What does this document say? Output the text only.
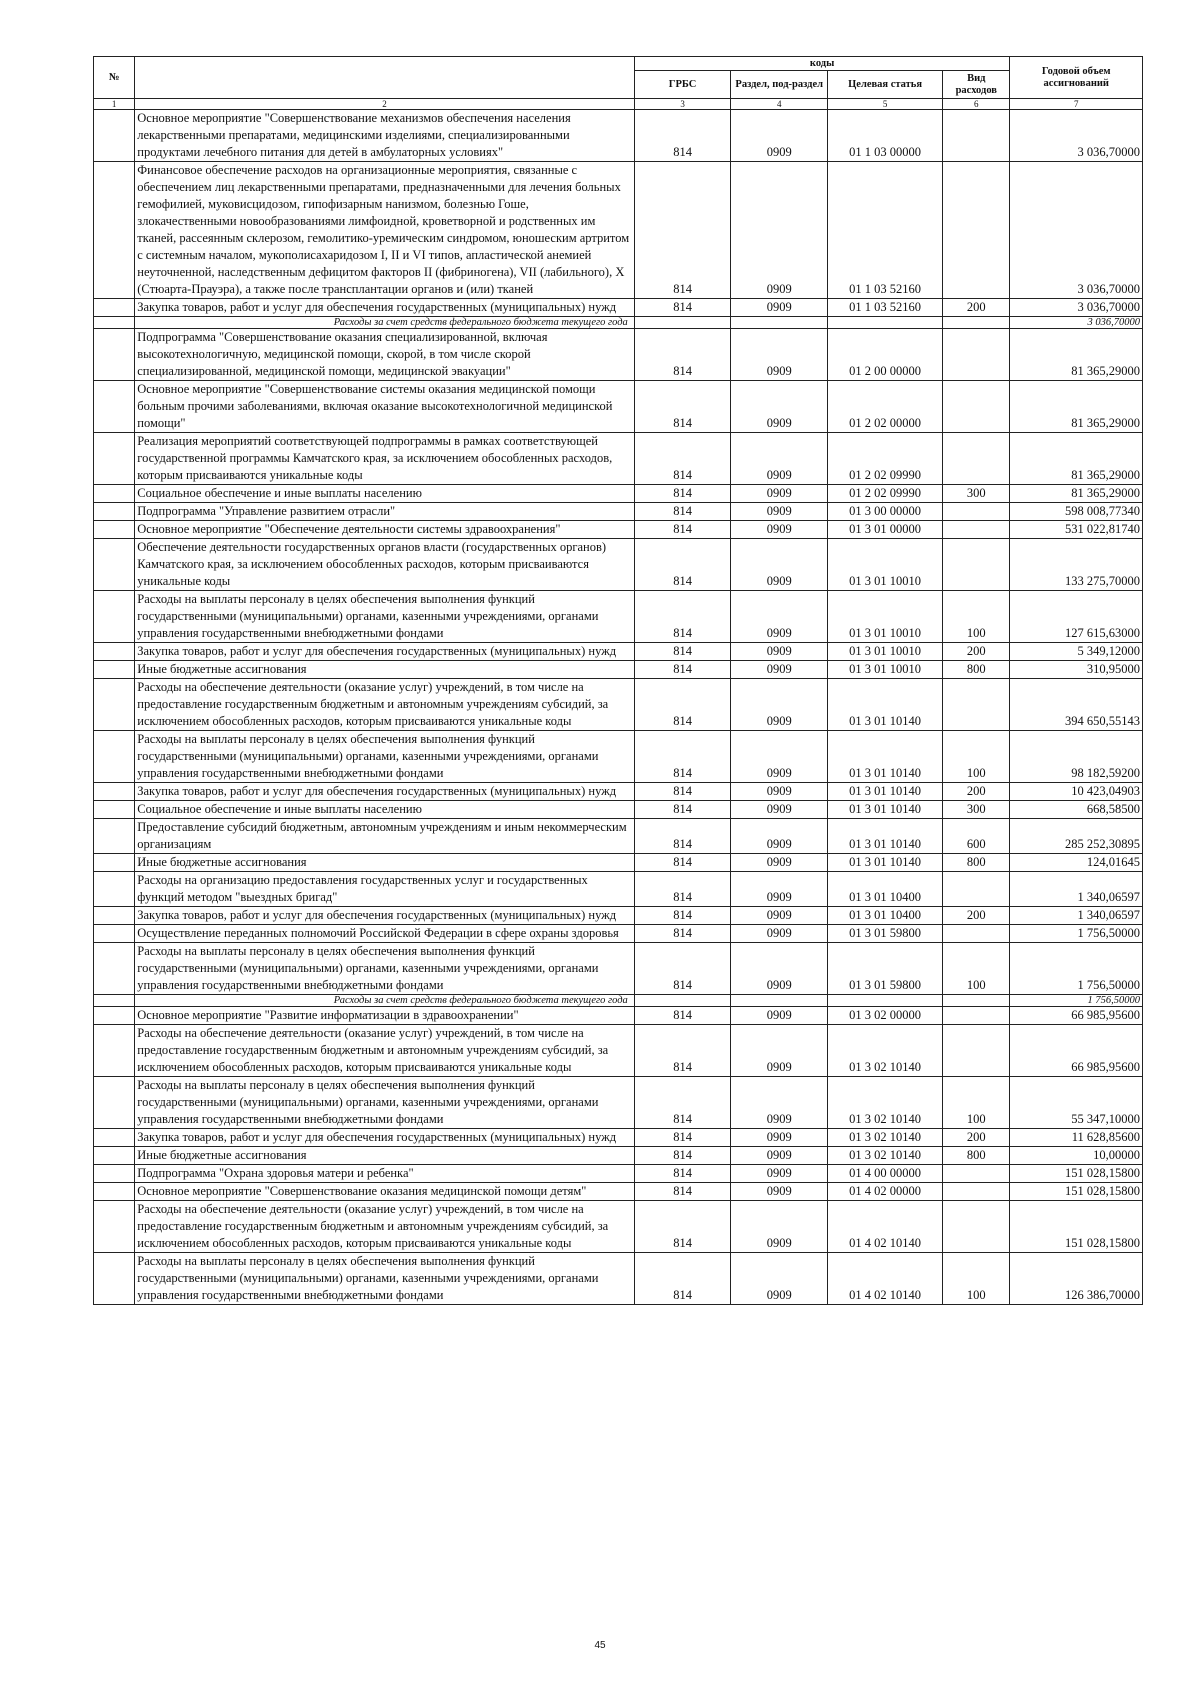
№		коды				Годовой объем ассигнований
		ГРБС	Раздел, под-раздел	Целевая статья	Вид расходов	
1	2	3	4	5	6	7
	Основное мероприятие "Совершенствование механизмов обеспечения населения лекарственными препаратами, медицинскими изделиями, специализированными продуктами лечебного питания для детей в амбулаторных условиях"	814	0909	01 1 03 00000		3 036,70000
	Финансовое обеспечение расходов на организационные мероприятия, связанные с обеспечением лиц лекарственными препаратами, предназначенными для лечения больных гемофилией, муковисцидозом, гипофизарным нанизмом, болезнью Гоше, злокачественными новообразованиями лимфоидной, кроветворной и родственных им тканей, рассеянным склерозом, гемолитико-уремическим синдромом, юношеским артритом с системным началом, мукополисахаридозом I, II и VI типов, апластической анемией неуточненной, наследственным дефицитом факторов II (фибриногена), VII (лабильного), X (Стюарта-Прауэра), а также после трансплантации органов и (или) тканей	814	0909	01 1 03 52160		3 036,70000
	Закупка товаров, работ и услуг для обеспечения государственных (муниципальных) нужд	814	0909	01 1 03 52160	200	3 036,70000
	Расходы за счет средств федерального бюджета текущего года					3 036,70000
	Подпрограмма "Совершенствование оказания специализированной, включая высокотехнологичную, медицинской помощи, скорой, в том числе скорой специализированной, медицинской помощи, медицинской эвакуации"	814	0909	01 2 00 00000		81 365,29000
	Основное мероприятие "Совершенствование системы оказания медицинской помощи больным прочими заболеваниями, включая оказание высокотехнологичной медицинской помощи"	814	0909	01 2 02 00000		81 365,29000
	Реализация мероприятий соответствующей подпрограммы в рамках соответствующей государственной программы Камчатского края, за исключением обособленных расходов, которым присваиваются уникальные коды	814	0909	01 2 02 09990		81 365,29000
	Социальное обеспечение и иные выплаты населению	814	0909	01 2 02 09990	300	81 365,29000
	Подпрограмма "Управление развитием отрасли"	814	0909	01 3 00 00000		598 008,77340
	Основное мероприятие "Обеспечение деятельности системы здравоохранения"	814	0909	01 3 01 00000		531 022,81740
	Обеспечение деятельности государственных органов власти (государственных органов) Камчатского края, за исключением обособленных расходов, которым присваиваются уникальные коды	814	0909	01 3 01 10010		133 275,70000
	Расходы на выплаты персоналу в целях обеспечения выполнения функций государственными (муниципальными) органами, казенными учреждениями, органами управления государственными внебюджетными фондами	814	0909	01 3 01 10010	100	127 615,63000
	Закупка товаров, работ и услуг для обеспечения государственных (муниципальных) нужд	814	0909	01 3 01 10010	200	5 349,12000
	Иные бюджетные ассигнования	814	0909	01 3 01 10010	800	310,95000
	Расходы на обеспечение деятельности (оказание услуг) учреждений, в том числе на предоставление государственным бюджетным и автономным учреждениям субсидий, за исключением обособленных расходов, которым присваиваются уникальные коды	814	0909	01 3 01 10140		394 650,55143
	Расходы на выплаты персоналу в целях обеспечения выполнения функций государственными (муниципальными) органами, казенными учреждениями, органами управления государственными внебюджетными фондами	814	0909	01 3 01 10140	100	98 182,59200
	Закупка товаров, работ и услуг для обеспечения государственных (муниципальных) нужд	814	0909	01 3 01 10140	200	10 423,04903
	Социальное обеспечение и иные выплаты населению	814	0909	01 3 01 10140	300	668,58500
	Предоставление субсидий бюджетным, автономным учреждениям и иным некоммерческим организациям	814	0909	01 3 01 10140	600	285 252,30895
	Иные бюджетные ассигнования	814	0909	01 3 01 10140	800	124,01645
	Расходы на организацию предоставления государственных услуг и государственных функций методом "выездных бригад"	814	0909	01 3 01 10400		1 340,06597
	Закупка товаров, работ и услуг для обеспечения государственных (муниципальных) нужд	814	0909	01 3 01 10400	200	1 340,06597
	Осуществление переданных полномочий Российской Федерации в сфере охраны здоровья	814	0909	01 3 01 59800		1 756,50000
	Расходы на выплаты персоналу в целях обеспечения выполнения функций государственными (муниципальными) органами, казенными учреждениями, органами управления государственными внебюджетными фондами	814	0909	01 3 01 59800	100	1 756,50000
	Расходы за счет средств федерального бюджета текущего года					1 756,50000
	Основное мероприятие "Развитие информатизации в здравоохранении"	814	0909	01 3 02 00000		66 985,95600
	Расходы на обеспечение деятельности (оказание услуг) учреждений, в том числе на предоставление государственным бюджетным и автономным учреждениям субсидий, за исключением обособленных расходов, которым присваиваются уникальные коды	814	0909	01 3 02 10140		66 985,95600
	Расходы на выплаты персоналу в целях обеспечения выполнения функций государственными (муниципальными) органами, казенными учреждениями, органами управления государственными внебюджетными фондами	814	0909	01 3 02 10140	100	55 347,10000
	Закупка товаров, работ и услуг для обеспечения государственных (муниципальных) нужд	814	0909	01 3 02 10140	200	11 628,85600
	Иные бюджетные ассигнования	814	0909	01 3 02 10140	800	10,00000
	Подпрограмма "Охрана здоровья матери и ребенка"	814	0909	01 4 00 00000		151 028,15800
	Основное мероприятие "Совершенствование оказания медицинской помощи детям"	814	0909	01 4 02 00000		151 028,15800
	Расходы на обеспечение деятельности (оказание услуг) учреждений, в том числе на предоставление государственным бюджетным и автономным учреждениям субсидий, за исключением обособленных расходов, которым присваиваются уникальные коды	814	0909	01 4 02 10140		151 028,15800
	Расходы на выплаты персоналу в целях обеспечения выполнения функций государственными (муниципальными) органами, казенными учреждениями, органами управления государственными внебюджетными фондами	814	0909	01 4 02 10140	100	126 386,70000
45
